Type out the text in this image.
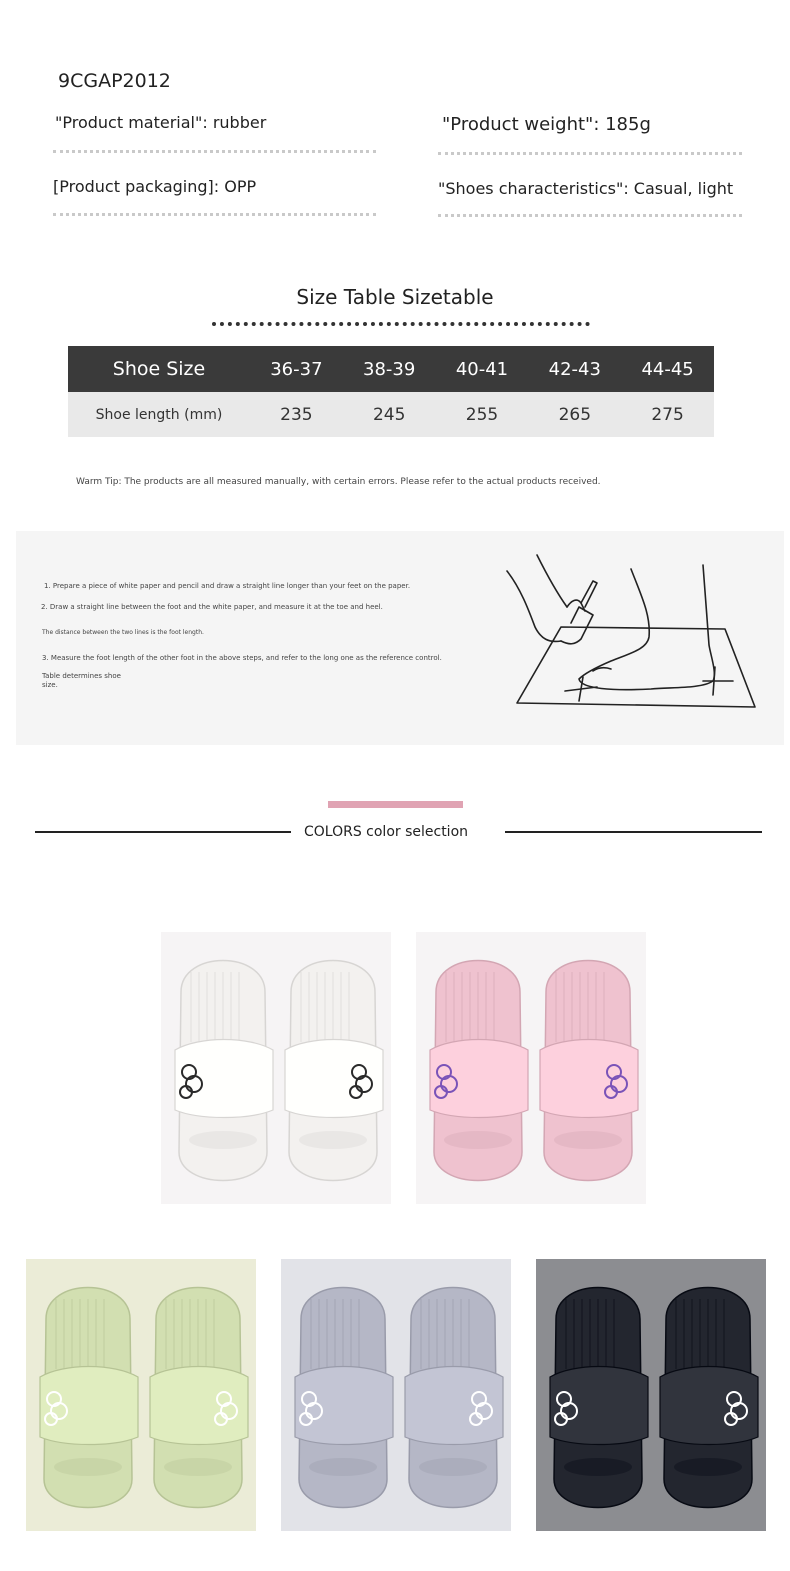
9CGAP2012
"Product material": rubber	"Product weight": 185g
[Product packaging]: OPP	"Shoes characteristics": Casual, light
Size Table Sizetable
Shoe Size	36-37	38-39	40-41	42-43	44-45
Shoe length (mm)	235	245	255	265	275
Warm Tip: The products are all measured manually, with certain errors. Please refer to the actual products received.
1. Prepare a piece of white paper and pencil and draw a straight line longer than your feet on the paper.
2. Draw a straight line between the foot and the white paper, and measure it at the toe and heel.
The distance between the two lines is the foot length.
3. Measure the foot length of the other foot in the above steps, and refer to the long one as the reference control.
Table determines shoe
size.
COLORS color selection
